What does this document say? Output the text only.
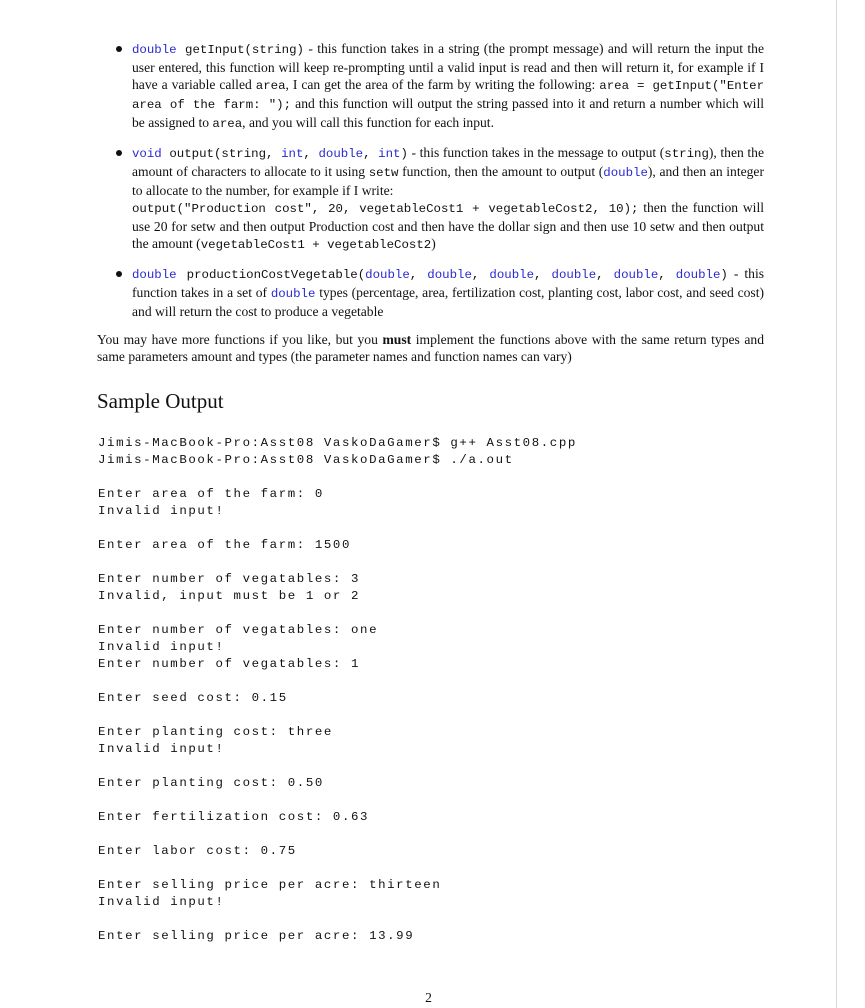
double getInput(string) - this function takes in a string (the prompt message) and will return the input the user entered, this function will keep re-prompting until a valid input is read and then will return it, for example if I have a variable called area, I can get the area of the farm by writing the following: area = getInput("Enter area of the farm: "); and this function will output the string passed into it and return a number which will be assigned to area, and you will call this function for each input.
void output(string, int, double, int) - this function takes in the message to output (string), then the amount of characters to allocate to it using setw function, then the amount to output (double), and then an integer to allocate to the number, for example if I write:
output("Production cost", 20, vegetableCost1 + vegetableCost2, 10); then the function will use 20 for setw and then output Production cost and then have the dollar sign and then use 10 setw and then output the amount (vegetableCost1 + vegetableCost2)
double productionCostVegetable(double, double, double, double, double, double) - this function takes in a set of double types (percentage, area, fertilization cost, planting cost, labor cost, and seed cost) and will return the cost to produce a vegetable

You may have more functions if you like, but you must implement the functions above with the same return types and same parameters amount and types (the parameter names and function names can vary)

Sample Output
Jimis-MacBook-Pro:Asst08 VaskoDaGamer$ g++ Asst08.cpp
Jimis-MacBook-Pro:Asst08 VaskoDaGamer$ ./a.out
Enter area of the farm: 0
Invalid input!
Enter area of the farm: 1500
Enter number of vegatables: 3
Invalid, input must be 1 or 2
Enter number of vegatables: one
Invalid input!
Enter number of vegatables: 1
Enter seed cost: 0.15
Enter planting cost: three
Invalid input!
Enter planting cost: 0.50
Enter fertilization cost: 0.63
Enter labor cost: 0.75
Enter selling price per acre: thirteen
Invalid input!
Enter selling price per acre: 13.99

2
